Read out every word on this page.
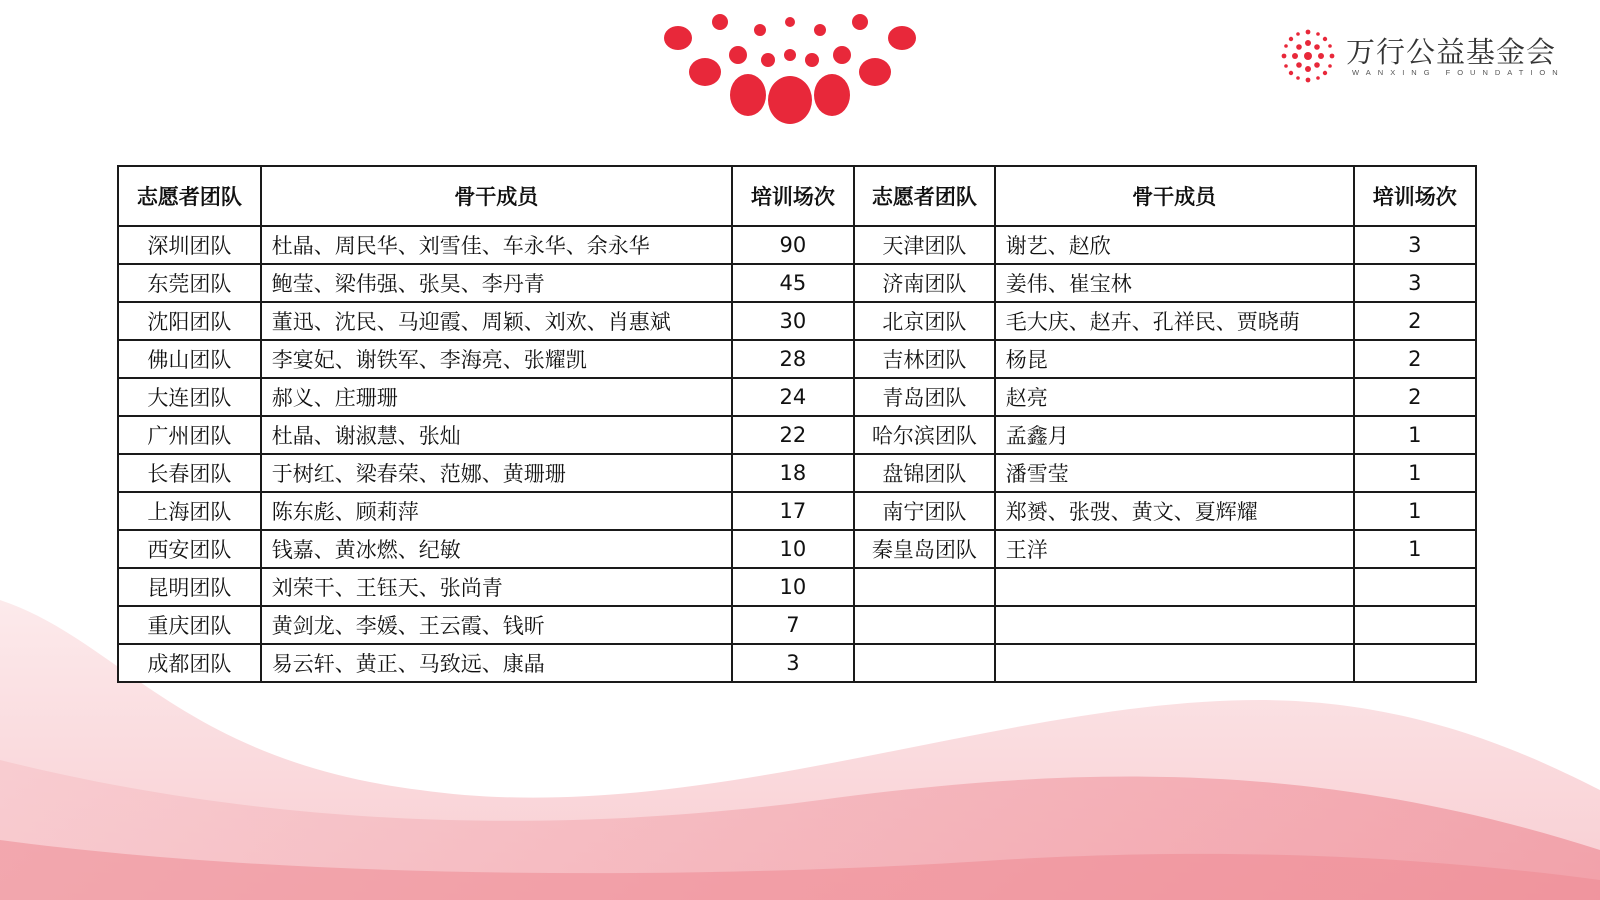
万行公益基金会
WANXING FOUNDATION
志愿者团队	骨干成员	培训场次	志愿者团队	骨干成员	培训场次
深圳团队	杜晶、周民华、刘雪佳、车永华、余永华	90	天津团队	谢艺、赵欣	3
东莞团队	鲍莹、梁伟强、张昊、李丹青	45	济南团队	姜伟、崔宝林	3
沈阳团队	董迅、沈民、马迎霞、周颖、刘欢、肖惠斌	30	北京团队	毛大庆、赵卉、孔祥民、贾晓萌	2
佛山团队	李宴妃、谢铁军、李海亮、张耀凯	28	吉林团队	杨昆	2
大连团队	郝义、庄珊珊	24	青岛团队	赵亮	2
广州团队	杜晶、谢淑慧、张灿	22	哈尔滨团队	孟鑫月	1
长春团队	于树红、梁春荣、范娜、黄珊珊	18	盘锦团队	潘雪莹	1
上海团队	陈东彪、顾莉萍	17	南宁团队	郑赟、张弢、黄文、夏辉耀	1
西安团队	钱嘉、黄冰燃、纪敏	10	秦皇岛团队	王洋	1
昆明团队	刘荣干、王钰天、张尚青	10			
重庆团队	黄剑龙、李媛、王云霞、钱昕	7			
成都团队	易云轩、黄正、马致远、康晶	3			
